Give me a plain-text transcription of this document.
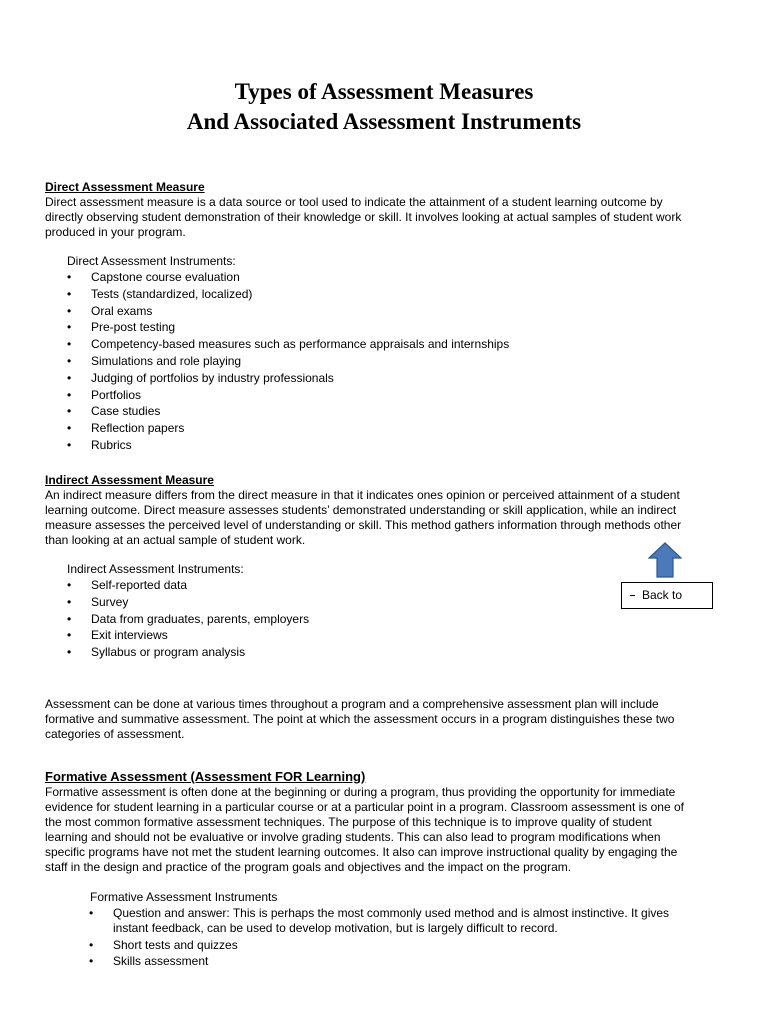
Types of Assessment Measures
And Associated Assessment Instruments
Direct Assessment Measure
Direct assessment measure is a data source or tool used to indicate the attainment of a student learning outcome by
directly observing student demonstration of their knowledge or skill. It involves looking at actual samples of student work
produced in your program.
Direct Assessment Instruments:
• Capstone course evaluation
• Tests (standardized, localized)
• Oral exams
• Pre-post testing
• Competency-based measures such as performance appraisals and internships
• Simulations and role playing
• Judging of portfolios by industry professionals
• Portfolios
• Case studies
• Reflection papers
• Rubrics
Indirect Assessment Measure
An indirect measure differs from the direct measure in that it indicates ones opinion or perceived attainment of a student
learning outcome. Direct measure assesses students’ demonstrated understanding or skill application, while an indirect
measure assesses the perceived level of understanding or skill. This method gathers information through methods other
than looking at an actual sample of student work.
Indirect Assessment Instruments:
• Self-reported data
• Survey
• Data from graduates, parents, employers
• Exit interviews
• Syllabus or program analysis
Back to
Assessment can be done at various times throughout a program and a comprehensive assessment plan will include
formative and summative assessment. The point at which the assessment occurs in a program distinguishes these two
categories of assessment.
Formative Assessment (Assessment FOR Learning)
Formative assessment is often done at the beginning or during a program, thus providing the opportunity for immediate
evidence for student learning in a particular course or at a particular point in a program. Classroom assessment is one of
the most common formative assessment techniques. The purpose of this technique is to improve quality of student
learning and should not be evaluative or involve grading students. This can also lead to program modifications when
specific programs have not met the student learning outcomes. It also can improve instructional quality by engaging the
staff in the design and practice of the program goals and objectives and the impact on the program.
Formative Assessment Instruments
• Question and answer: This is perhaps the most commonly used method and is almost instinctive. It gives
instant feedback, can be used to develop motivation, but is largely difficult to record.
• Short tests and quizzes
• Skills assessment
